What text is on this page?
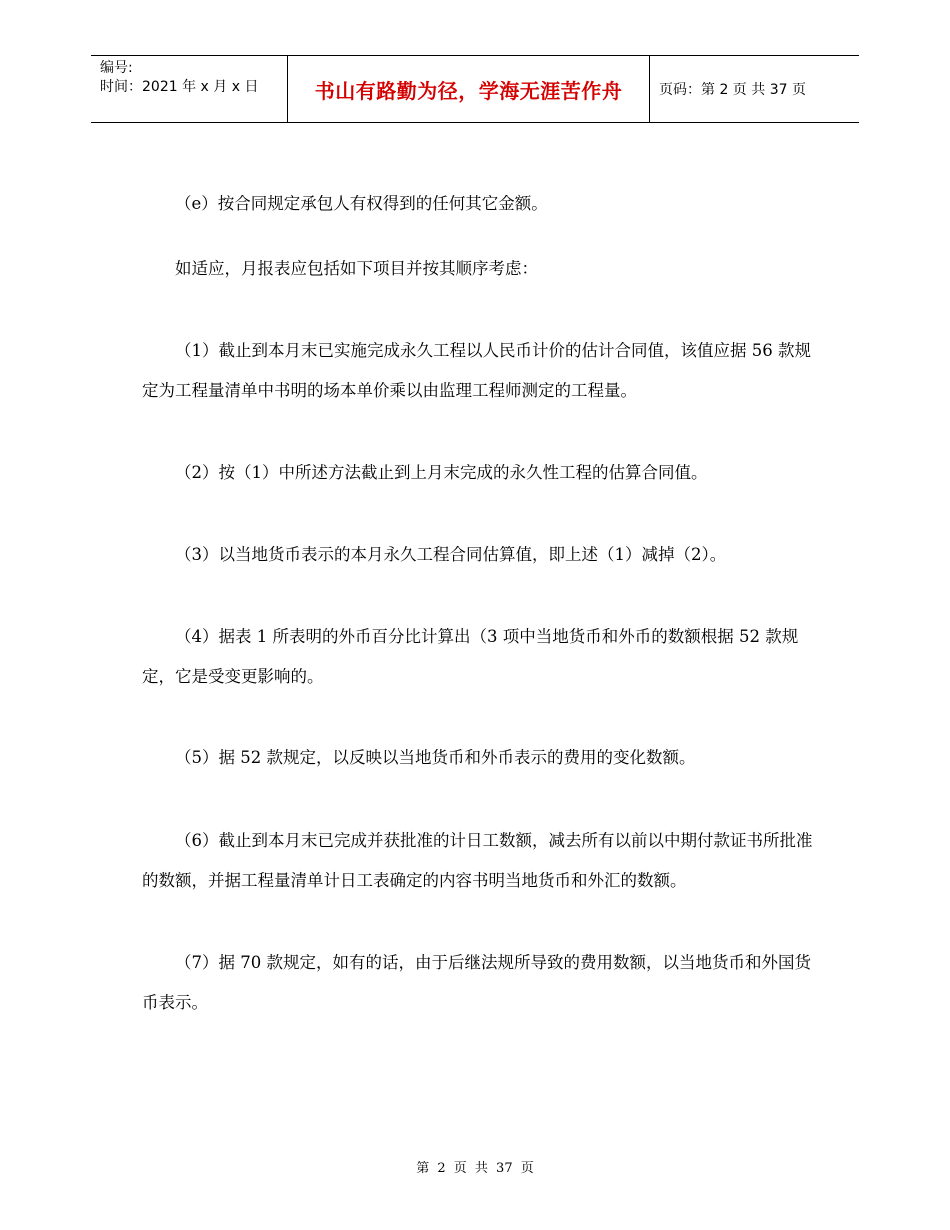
编号:
时间：2021 年 x 月 x 日	书山有路勤为径，学海无涯苦作舟	页码：第 2 页 共 37 页

（e）按合同规定承包人有权得到的任何其它金额。

如适应，月报表应包括如下项目并按其顺序考虑：

（1）截止到本月末已实施完成永久工程以人民币计价的估计合同值，该值应据 56 款规定为工程量清单中书明的场本单价乘以由监理工程师测定的工程量。

（2）按（1）中所述方法截止到上月末完成的永久性工程的估算合同值。

（3）以当地货币表示的本月永久工程合同估算值，即上述（1）减掉（2）。

（4）据表 1 所表明的外币百分比计算出（3 项中当地货币和外币的数额根据 52 款规定，它是受变更影响的。

（5）据 52 款规定，以反映以当地货币和外币表示的费用的变化数额。

（6）截止到本月末已完成并获批准的计日工数额，减去所有以前以中期付款证书所批准的数额，并据工程量清单计日工表确定的内容书明当地货币和外汇的数额。

（7）据 70 款规定，如有的话，由于后继法规所导致的费用数额，以当地货币和外国货币表示。

第 2 页 共 37 页
